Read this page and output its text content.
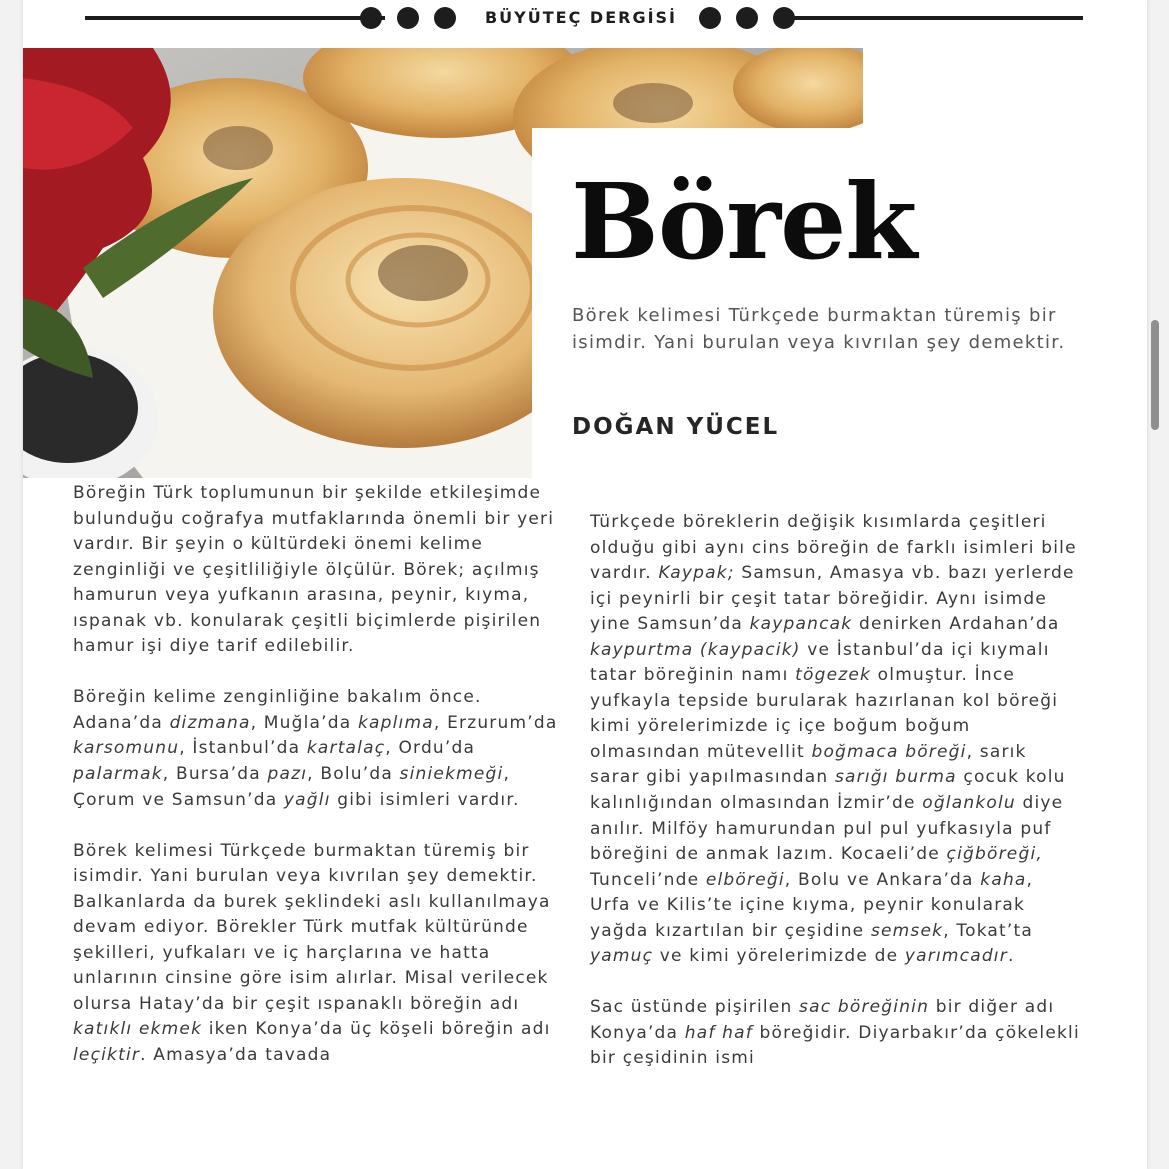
BÜYÜTEÇ DERGİSİ
Börek

Börek kelimesi Türkçede burmaktan türemiş bir isimdir. Yani burulan veya kıvrılan şey demektir.

DOĞAN YÜCEL

Böreğin Türk toplumunun bir şekilde etkileşimde bulunduğu coğrafya mutfaklarında önemli bir yeri vardır. Bir şeyin o kültürdeki önemi kelime zenginliği ve çeşitliliğiyle ölçülür. Börek; açılmış hamurun veya yufkanın arasına, peynir, kıyma, ıspanak vb. konularak çeşitli biçimlerde pişirilen hamur işi diye tarif edilebilir.

Böreğin kelime zenginliğine bakalım önce. Adana’da dizmana, Muğla’da kaplıma, Erzurum’da karsomunu, İstanbul’da kartalaç, Ordu’da palarmak, Bursa’da pazı, Bolu’da siniekmeği, Çorum ve Samsun’da yağlı gibi isimleri vardır.

Börek kelimesi Türkçede burmaktan türemiş bir isimdir. Yani burulan veya kıvrılan şey demektir. Balkanlarda da burek şeklindeki aslı kullanılmaya devam ediyor. Börekler Türk mutfak kültüründe şekilleri, yufkaları ve iç harçlarına ve hatta unlarının cinsine göre isim alırlar. Misal verilecek olursa Hatay’da bir çeşit ıspanaklı böreğin adı katıklı ekmek iken Konya’da üç köşeli böreğin adı leçiktir. Amasya’da tavada

Türkçede böreklerin değişik kısımlarda çeşitleri olduğu gibi aynı cins böreğin de farklı isimleri bile vardır. Kaypak; Samsun, Amasya vb. bazı yerlerde içi peynirli bir çeşit tatar böreğidir. Aynı isimde yine Samsun’da kaypancak denirken Ardahan’da kaypurtma (kaypacik) ve İstanbul’da içi kıymalı tatar böreğinin namı tögezek olmuştur. İnce yufkayla tepside burularak hazırlanan kol böreği kimi yörelerimizde iç içe boğum boğum olmasından mütevellit boğmaca böreği, sarık sarar gibi yapılmasından sarığı burma çocuk kolu kalınlığından olmasından İzmir’de oğlankolu diye anılır. Milföy hamurundan pul pul yufkasıyla puf böreğini de anmak lazım. Kocaeli’de çiğböreği, Tunceli’nde elböreği, Bolu ve Ankara’da kaha, Urfa ve Kilis’te içine kıyma, peynir konularak yağda kızartılan bir çeşidine semsek, Tokat’ta yamuç ve kimi yörelerimizde de yarımcadır.

Sac üstünde pişirilen sac böreğinin bir diğer adı Konya’da haf haf böreğidir. Diyarbakır’da çökelekli bir çeşidinin ismi
